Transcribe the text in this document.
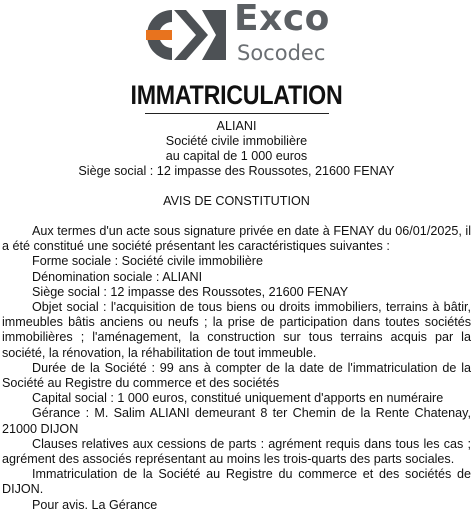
Exco
Socodec
IMMATRICULATION
ALIANI
Société civile immobilière
au capital de 1 000 euros
Siège social : 12 impasse des Roussotes, 21600 FENAY
AVIS DE CONSTITUTION

Aux termes d'un acte sous signature privée en date à FENAY du 06/01/2025, il a été constitué une société présentant les caractéristiques suivantes :

Forme sociale : Société civile immobilière

Dénomination sociale : ALIANI

Siège social : 12 impasse des Roussotes, 21600 FENAY

Objet social : l'acquisition de tous biens ou droits immobiliers, terrains à bâtir, immeubles bâtis anciens ou neufs ; la prise de participation dans toutes sociétés immobilières ; l'aménagement, la construction sur tous terrains acquis par la société, la rénovation, la réhabilitation de tout immeuble.

Durée de la Société : 99 ans à compter de la date de l'immatriculation de la Société au Registre du commerce et des sociétés

Capital social : 1 000 euros, constitué uniquement d'apports en numéraire

Gérance : M. Salim ALIANI demeurant 8 ter Chemin de la Rente Chatenay, 21000 DIJON

Clauses relatives aux cessions de parts : agrément requis dans tous les cas ; agrément des associés représentant au moins les trois-quarts des parts sociales.

Immatriculation de la Société au Registre du commerce et des sociétés de DIJON.

Pour avis. La Gérance
